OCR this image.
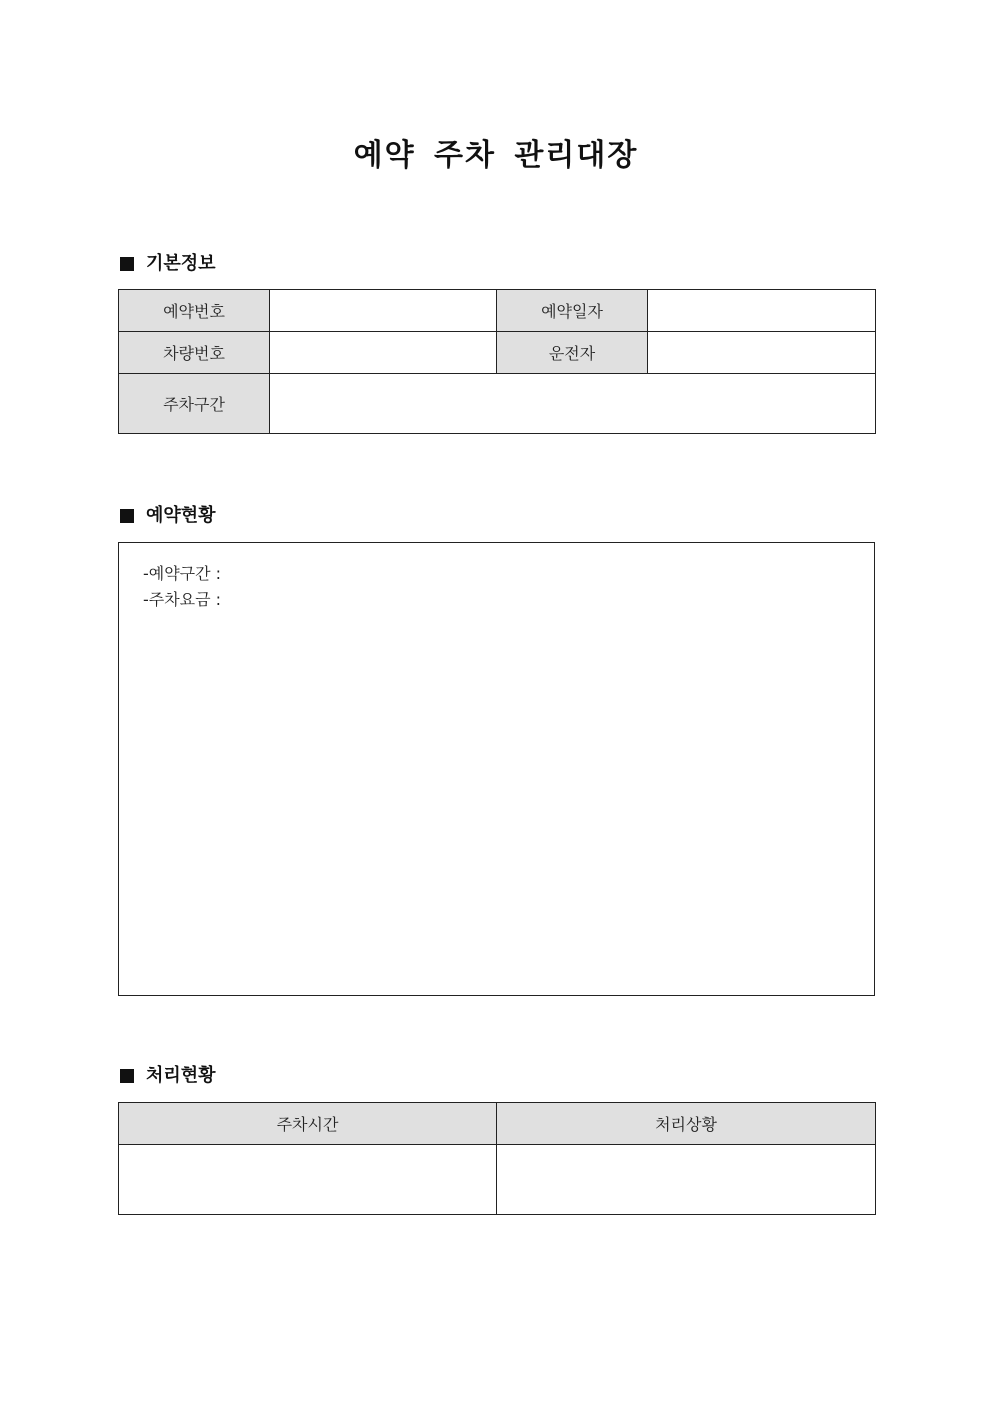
예약 주차 관리대장
기본정보
예약번호		예약일자	
차량번호		운전자	
주차구간			
예약현황
-예약구간 :
-주차요금 :
처리현황
주차시간	처리상황
